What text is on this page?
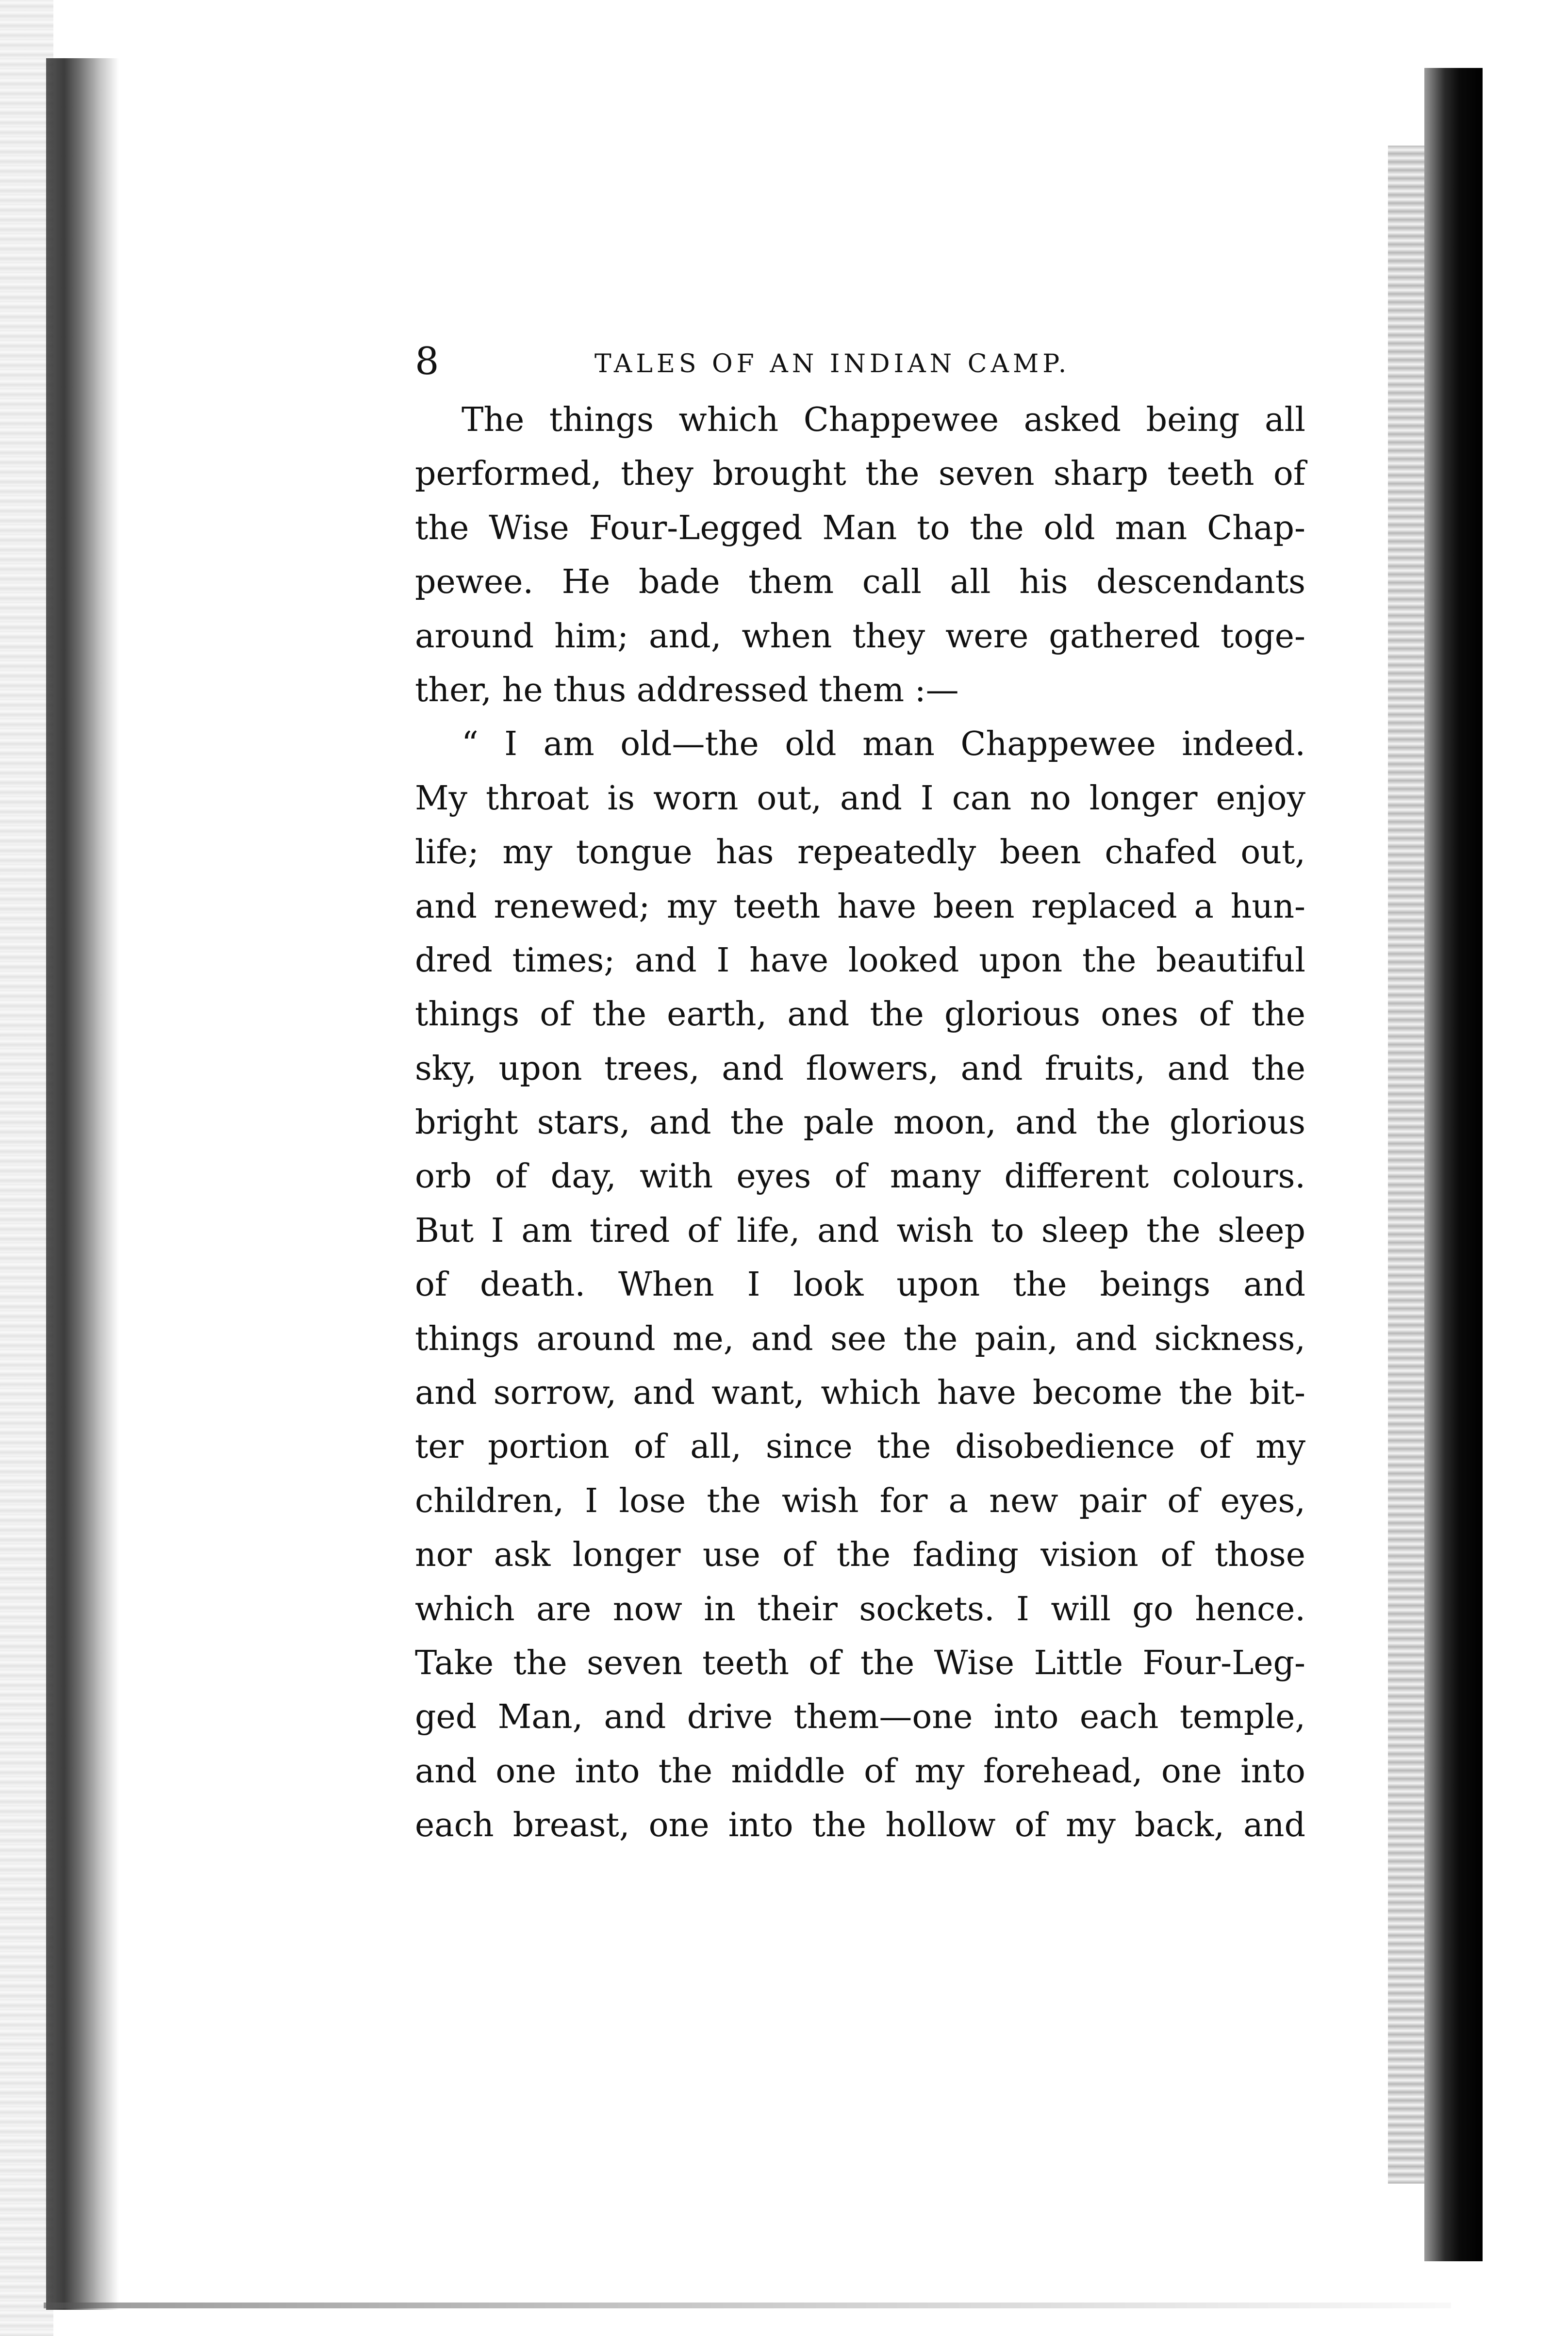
8	TALES OF AN INDIAN CAMP.
The things which Chappewee asked being all
performed, they brought the seven sharp teeth of
the Wise Four-Legged Man to the old man Chap-
pewee. He bade them call all his descendants
around him; and, when they were gathered toge-
ther, he thus addressed them :—
“ I am old—the old man Chappewee indeed.
My throat is worn out, and I can no longer enjoy
life; my tongue has repeatedly been chafed out,
and renewed; my teeth have been replaced a hun-
dred times; and I have looked upon the beautiful
things of the earth, and the glorious ones of the
sky, upon trees, and flowers, and fruits, and the
bright stars, and the pale moon, and the glorious
orb of day, with eyes of many different colours.
But I am tired of life, and wish to sleep the sleep
of death. When I look upon the beings and
things around me, and see the pain, and sickness,
and sorrow, and want, which have become the bit-
ter portion of all, since the disobedience of my
children, I lose the wish for a new pair of eyes,
nor ask longer use of the fading vision of those
which are now in their sockets. I will go hence.
Take the seven teeth of the Wise Little Four-Leg-
ged Man, and drive them—one into each temple,
and one into the middle of my forehead, one into
each breast, one into the hollow of my back, and
